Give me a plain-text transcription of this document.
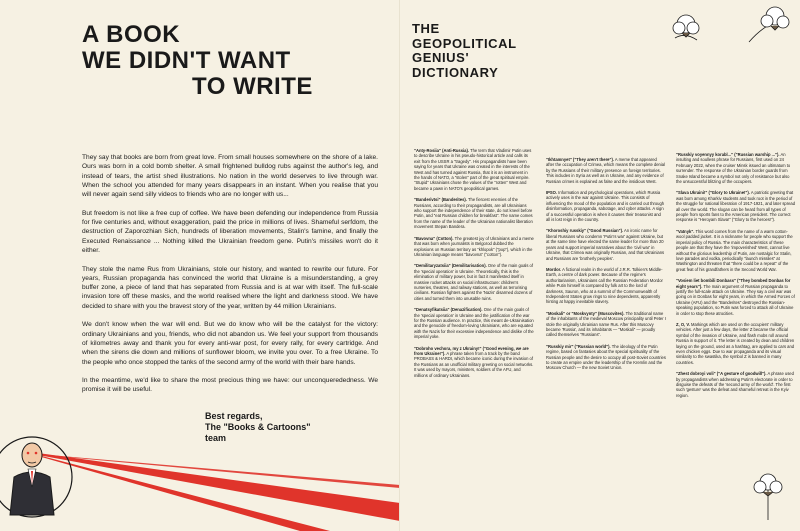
A BOOK
WE DIDN'T WANT
TO WRITE

They say that books are born from great love. From small houses somewhere on the shore of a lake. Ours was born in a cold bomb shelter. A small frightened bulldog rubs against the author's leg, and instead of tears, the artist shed illustrations. No nation in the world deserves to live through war. When the school you attended for many years disappears in an instant. When you realise that you will never again send silly videos to friends who are no longer with us...

But freedom is not like a free cup of coffee. We have been defending our independence from Russia for five centuries and, without exaggeration, paid the price in millions of lives. Shameful serfdom, the destruction of Zaporozhian Sich, hundreds of liberation movements, Stalin's famine, and finally the Executed Renaissance ... Nothing killed the Ukrainian freedom gene. Putin's missiles won't do it either.

They stole the name Rus from Ukrainians, stole our history, and wanted to rewrite our future. For years, Russian propaganda has convinced the world that Ukraine is a misunderstanding, a grey buffer zone, a piece of land that has separated from Russia and is at war with itself. The full-scale invasion tore off these masks, and the world realised where the light and darkness stood. We have decided to share with you the bravest story of the year, written by 44 million Ukrainians.

We don't know when the war will end. But we do know who will be the catalyst for the victory: ordinary Ukrainians and you, friends, who did not abandon us. We feel your support from thousands of kilometres away and thank you for every anti-war post, for every rally, for every cartridge. And when the sirens die down and millions of sunflower bloom, we invite you over. To a free Ukraine. To the people who once stopped the tanks of the second army of the world with their bare hands.

In the meantime, we'd like to share the most precious thing we have: our unconquerededness. We promise it will be useful.

Best regards,
The "Books & Cartoons"
team
THE
GEOPOLITICAL
GENIUS'
DICTIONARY
"Anty-Rosiia" (Anti-Russia). The term that Vladimir Putin uses to describe Ukraine in his pseudo-historical article and calls its exit from the USSR a "tragedy". His propagandists have been saying for years that Ukraine was created in the interests of the West and has turned against Russia, that it is an instrument in the hands of NATO, a "stolen" part of the great spiritual empire. "Stupid" Ukrainians chose the values of the "rotten" West and became a pawn in NATO's geopolitical games.
"Banderivtsi" (Banderites). The fiercest enemies of the Russians, according to their propagandists, are all Ukrainians who support the independence of their state, do not kneel before Putin, and "eat Russian children for breakfast". The name comes from the name of the leader of the Ukrainian nationalist liberation movement Stepan Bandera.
"Bavovna" (Cotton). The greatest joy of Ukrainians and a meme that was born when journalists in Belgorod dubbed the explosions on Russian territory as "khlopok" ("pop"), which in the Ukrainian language means "bavovna" ("cotton").
"Demilitaryzatsiia" (Demilitarisation). One of the main goals of the 'special operation' in Ukraine. Theoretically, this is the elimination of military power, but in fact it manifested itself in massive rocket attacks on social infrastructure: children's nurseries, theatres, and railway stations, as well as terrorising civilians. Russian fighters against the 'Nazis' disarmed dozens of cities and turned them into unusable ruins.
"Denatsyfikatsiia" (Denazification). One of the main goals of the 'special operation' in Ukraine and the justification of the war for the Russian audience. In practice, this meant de-Ukrainisation and the genocide of freedom-loving Ukrainians, who are equated with the Nazis for their excessive independence and dislike of the imperial yoke.
"Dobroho vechora, my z Ukrainy!" ("Good evening, we are from Ukraine!"). A phrase taken from a track by the band PROBASS & HARDI, which became iconic during the invasion of the Russians as an unofficial military greeting on social networks. It was used by mayors, ministers, soldiers of the AFU, and millions of ordinary Ukrainians.
"Ikhtamnyet" ("They aren't there"). A meme that appeared after the occupation of Crimea, which means the complete denial by the Russians of their military presence on foreign territories. This includes in Syria as well as in Ukraine, and any evidence of Russian crimes is explained as false and the insidious West.
IPSO. Information and psychological operations, which Russia actively uses in the war against Ukraine. This consists of influencing the mood of the population and is carried out through disinformation, propaganda, sabotage, and cyber attacks. A sign of a successful operation is when it causes their treasonist and all is lost reign in the country.
"Khoroshiy russkiy" ("Good Russian"). An ironic name for liberal Russians who condemn 'Putin's war' against Ukraine, but at the same time have elected the same leader for more than 20 years and support imperial narratives about the 'civil war' in Ukraine, that Crimea was originally Russian, and that Ukrainians and Russians are 'brotherly peoples'.
Mordor. A fictional realm in the world of J.R.R. Tolkien's Middle-Earth, a centre of dark power. Because of the regime's authoritarianism, Ukrainians call the Russian Federation Mordor while Putin himself is compared by folk art to the lord of darkness, Sauron, who at a summit of the Commonwealth of Independent States grow rings to nine dependents, apparently hinting at happy inevitable slavery.
"Moskali" or "Moskvynty" (Muscovites). The traditional name of the inhabitants of the medieval Moscow principality until Peter I stole the originally Ukrainian name Rus. After this Muscovy became 'Russia', and its inhabitants — "Moskali" — proudly called themselves "Russians".
"Russkiy mir" ("Russian world"). The ideology of the Putin regime, based on fantasies about the special spirituality of the Russian people and the desire to occupy all post-Soviet countries to create an empire under the leadership of the Kremlin and the Moscow Church — the new Soviet Union.
"Russkiy voyennyy korabl..." ("Russian warship ..."). An insulting and soulless phrase for Russians, first used on 24 February 2022, when the cruiser Minsk issued an ultimatum to surrender. The response of the Ukrainian border guards from Snake Island became a symbol not only of resistance but also the unsuccessful blitzing of the occupiers.
"Slava Ukraini!" ("Glory to Ukraine!"). A patriotic greeting that was born among Kharkiv students and took root in the period of the struggle for national liberation of 1917-1921, and later spread all over the world. The slogan can be heard from all types of people from sports fans to the American president. The correct response is "Heroyam Slava!" ("Glory to the heroes!").
"Vatnyk". This word comes from the name of a warm cotton-wool padded jacket. It is a nickname for people who support the imperial policy of Russia. The main characteristics of these people are that they have the 'impoverished' West, cannot live without the glorious leadership of Putin, are nostalgic for Stalin, love parades and vodka, periodically "launch missiles" at Washington and threaten that "there could be a repeat" of the great feat of his grandfathers in the Second World War.
"Vosiem liet bombili Donbass" ("They bombed Donbas for eight years"). The main argument of Russian propaganda to justify the full-scale attack on Ukraine. They say a civil war was going on in Donbas for eight years, in which the Armed Forces of Ukraine (AFU) and the "Banderites" destroyed the Russian-speaking population, so Putin was forced to attack all of Ukraine in order to stop these atrocities.
Z, O, V. Markings which are used on the occupiers' military vehicles. After just a few days, the letter Z became the official symbol of the invasion of Ukraine, and flash mobs roll around Russia in support of it. The letter is created by dean and children laying on the ground, used as a hashtag, are applied to cars and even chicken eggs. Due to war propaganda and its visual similarity to the swastika, the symbol Z is banned in many countries.
"Zhest dobroyi voli" ("A gesture of goodwill"). A phrase used by propagandists when addressing Putin's electorate in order to disguise the defeats of the 'second army of the world'. The first such 'gesture' was the defeat and shameful retreat in the Kyiv region.
